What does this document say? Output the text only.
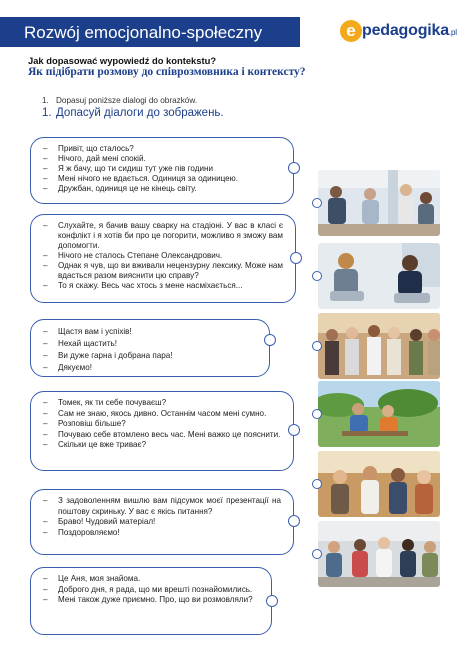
Rozwój emocjonalno-społeczny	e pedagogika.pl
Jak dopasować wypowiedź do kontekstu?
Як підібрати розмову до співрозмовника і контексту?
1. Dopasuj poniższe dialogi do obrazków.
1. Допасуй діалоги до зображень.
– Привіт, що сталось?
– Нічого, дай мені спокій.
– Я ж бачу, що ти сидиш тут уже пів години
– Мені нічого не вдається. Одиниця за одиницею.
– Дружбан, одиниця це не кінець світу.
– Слухайте, я бачив вашу сварку на стадіоні. У вас в класі є конфлікт і я хотів би про це погорити, можливо я зможу вам допомогти.
– Нічого не сталось Степане Олександрович.
– Однак я чув, що ви вживали нецензурну лексику. Може нам вдасться разом вияснити цю справу?
– То я скажу. Весь час хтось з мене насміхається...
– Щастя вам і успіхів!
– Нехай щастить!
– Ви дуже гарна і добрана пара!
– Дякуємо!
– Томек, як ти себе почуваєш?
– Сам не знаю, якось дивно. Останнім часом мені сумно.
– Розповіш більше?
– Почуваю себе втомлено весь час. Мені важко це пояснити.
– Скільки це вже триває?
– З задоволенням вишлю вам підсумок моєї презентації на поштову скриньку. У вас є якісь питання?
– Браво! Чудовий матеріал!
– Поздоровляємо!
– Це Аня, моя знайома.
– Доброго дня, я рада, що ми врешті познайомились.
– Мені також дуже приємно. Про, що ви розмовляли?
